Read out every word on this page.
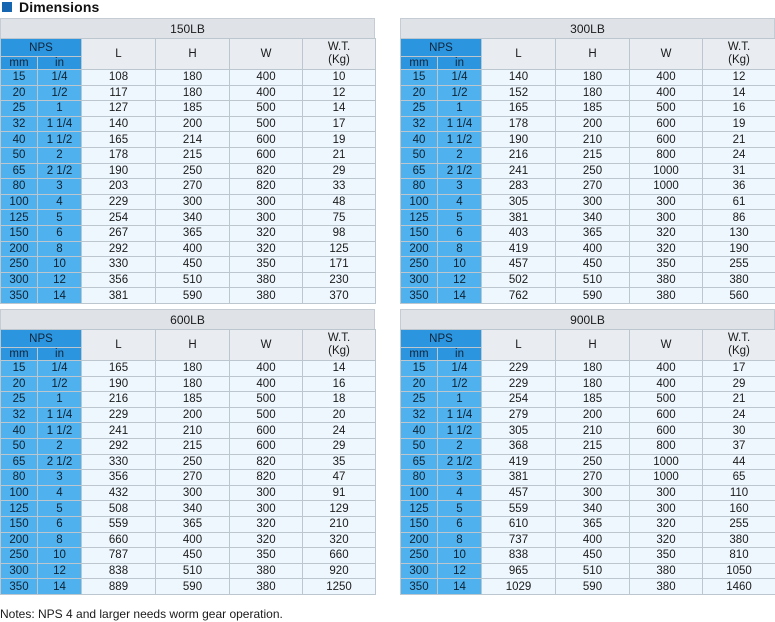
Dimensions
150LB
NPS		L	H	W	W.T.
(Kg)
mm	in				
15	1/4	108	180	400	10
20	1/2	117	180	400	12
25	1	127	185	500	14
32	1 1/4	140	200	500	17
40	1 1/2	165	214	600	19
50	2	178	215	600	21
65	2 1/2	190	250	820	29
80	3	203	270	820	33
100	4	229	300	300	48
125	5	254	340	300	75
150	6	267	365	320	98
200	8	292	400	320	125
250	10	330	450	350	171
300	12	356	510	380	230
350	14	381	590	380	370
300LB
NPS		L	H	W	W.T.
(Kg)
mm	in				
15	1/4	140	180	400	12
20	1/2	152	180	400	14
25	1	165	185	500	16
32	1 1/4	178	200	600	19
40	1 1/2	190	210	600	21
50	2	216	215	800	24
65	2 1/2	241	250	1000	31
80	3	283	270	1000	36
100	4	305	300	300	61
125	5	381	340	300	86
150	6	403	365	320	130
200	8	419	400	320	190
250	10	457	450	350	255
300	12	502	510	380	380
350	14	762	590	380	560
600LB
NPS		L	H	W	W.T.
(Kg)
mm	in				
15	1/4	165	180	400	14
20	1/2	190	180	400	16
25	1	216	185	500	18
32	1 1/4	229	200	500	20
40	1 1/2	241	210	600	24
50	2	292	215	600	29
65	2 1/2	330	250	820	35
80	3	356	270	820	47
100	4	432	300	300	91
125	5	508	340	300	129
150	6	559	365	320	210
200	8	660	400	320	320
250	10	787	450	350	660
300	12	838	510	380	920
350	14	889	590	380	1250
900LB
NPS		L	H	W	W.T.
(Kg)
mm	in				
15	1/4	229	180	400	17
20	1/2	229	180	400	29
25	1	254	185	500	21
32	1 1/4	279	200	600	24
40	1 1/2	305	210	600	30
50	2	368	215	800	37
65	2 1/2	419	250	1000	44
80	3	381	270	1000	65
100	4	457	300	300	110
125	5	559	340	300	160
150	6	610	365	320	255
200	8	737	400	320	380
250	10	838	450	350	810
300	12	965	510	380	1050
350	14	1029	590	380	1460
Notes: NPS 4 and larger needs worm gear operation.
